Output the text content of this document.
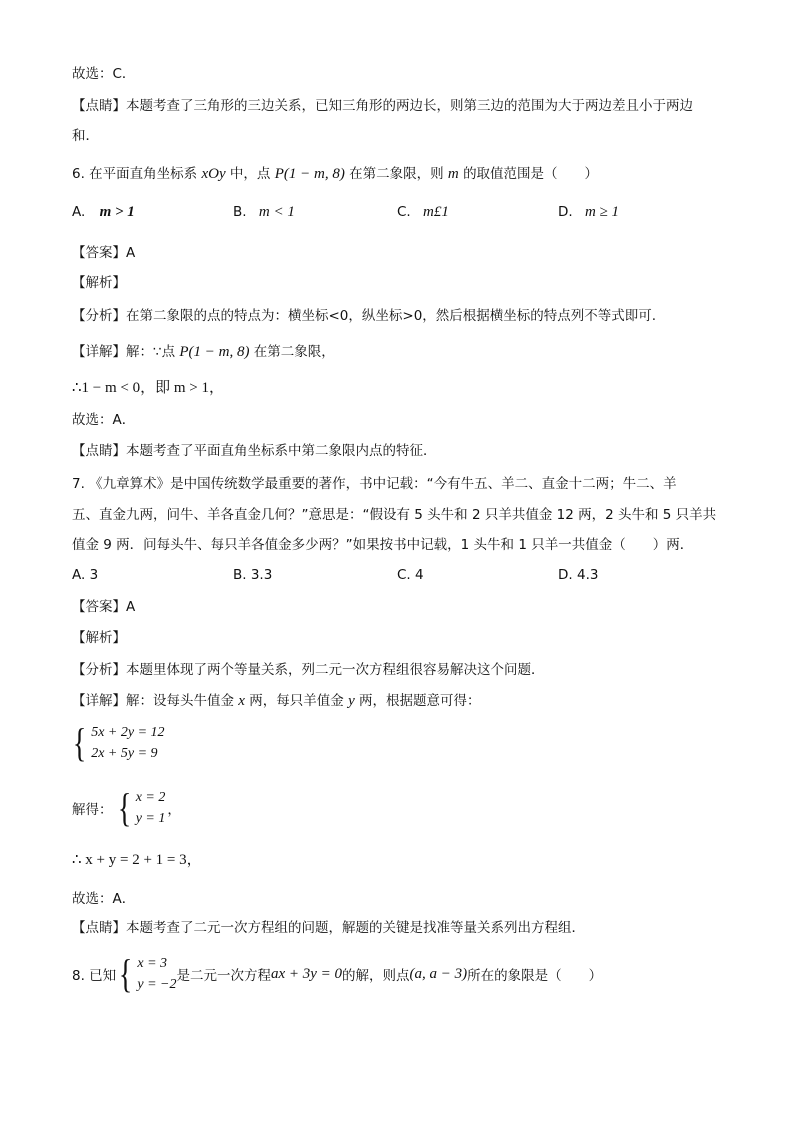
故选：C．
【点睛】本题考查了三角形的三边关系，已知三角形的两边长，则第三边的范围为大于两边差且小于两边
和．
6. 在平面直角坐标系 xOy 中，点 P(1 − m, 8) 在第二象限，则 m 的取值范围是（　　）
A. m > 1	B. m < 1	C. m£1	D. m ≥ 1
【答案】A
【解析】
【分析】在第二象限的点的特点为：横坐标<0，纵坐标>0，然后根据横坐标的特点列不等式即可.
【详解】解：∵点 P(1 − m, 8) 在第二象限，
∴1 − m < 0，即 m > 1，
故选：A．
【点睛】本题考查了平面直角坐标系中第二象限内点的特征．
7. 《九章算术》是中国传统数学最重要的著作，书中记载：“今有牛五、羊二、直金十二两；牛二、羊
五、直金九两，问牛、羊各直金几何？”意思是：“假设有 5 头牛和 2 只羊共值金 12 两，2 头牛和 5 只羊共
值金 9 两．问每头牛、每只羊各值金多少两？”如果按书中记载，1 头牛和 1 只羊一共值金（　　）两．
A. 3	B. 3.3	C. 4	D. 4.3
【答案】A
【解析】
【分析】本题里体现了两个等量关系，列二元一次方程组很容易解决这个问题．
【详解】解：设每头牛值金 x 两，每只羊值金 y 两，根据题意可得：
{ 5x + 2y = 12
2x + 5y = 9
解得： { x = 2
y = 1
，
∴ x + y = 2 + 1 = 3，
故选：A．
【点睛】本题考查了二元一次方程组的问题，解题的关键是找准等量关系列出方程组．
8. 已知 { x = 3
y = −2
是二元一次方程 ax + 3y = 0 的解，则点 (a, a − 3) 所在的象限是（　　）
